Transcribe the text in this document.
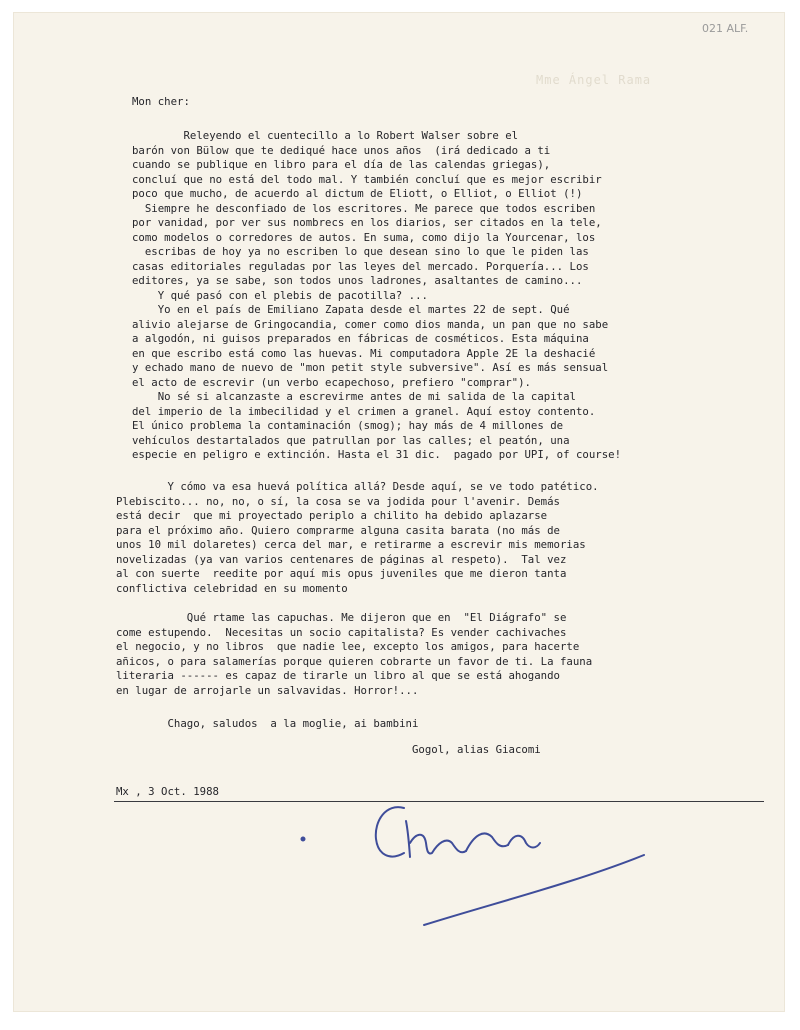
021 ALF.
Mme Ángel Rama
Mon cher:
Releyendo el cuentecillo a lo Robert Walser sobre el
barón von Bülow que te dediqué hace unos años  (irá dedicado a ti
cuando se publique en libro para el día de las calendas griegas),
concluí que no está del todo mal. Y también concluí que es mejor escribir
poco que mucho, de acuerdo al dictum de Eliott, o Elliot, o Elliot (!)
Siempre he desconfiado de los escritores. Me parece que todos escriben
por vanidad, por ver sus nombrecs en los diarios, ser citados en la tele,
como modelos o corredores de autos. En suma, como dijo la Yourcenar, los
escribas de hoy ya no escriben lo que desean sino lo que le piden las
casas editoriales reguladas por las leyes del mercado. Porquería... Los
editores, ya se sabe, son todos unos ladrones, asaltantes de camino...
Y qué pasó con el plebis de pacotilla? ...
Yo en el país de Emiliano Zapata desde el martes 22 de sept. Qué
alivio alejarse de Gringocandia, comer como dios manda, un pan que no sabe
a algodón, ni guisos preparados en fábricas de cosméticos. Esta máquina
en que escribo está como las huevas. Mi computadora Apple 2E la deshacié
y echado mano de nuevo de "mon petit style subversive". Así es más sensual
el acto de escrevir (un verbo ecapechoso, prefiero "comprar").
No sé si alcanzaste a escrevirme antes de mi salida de la capital
del imperio de la imbecilidad y el crimen a granel. Aquí estoy contento.
El único problema la contaminación (smog); hay más de 4 millones de
vehículos destartalados que patrullan por las calles; el peatón, una
especie en peligro e extinción. Hasta el 31 dic.  pagado por UPI, of course!
Y cómo va esa huevá política allá? Desde aquí, se ve todo patético.
Plebiscito... no, no, o sí, la cosa se va jodida pour l'avenir. Demás
está decir  que mi proyectado periplo a chilito ha debido aplazarse
para el próximo año. Quiero comprarme alguna casita barata (no más de
unos 10 mil dolaretes) cerca del mar, e retirarme a escrevir mis memorias
novelizadas (ya van varios centenares de páginas al respeto).  Tal vez
al con suerte  reedite por aquí mis opus juveniles que me dieron tanta
conflictiva celebridad en su momento
Qué rtame las capuchas. Me dijeron que en  "El Diágrafo" se
come estupendo.  Necesitas un socio capitalista? Es vender cachivaches
el negocio, y no libros  que nadie lee, excepto los amigos, para hacerte
añicos, o para salamerías porque quieren cobrarte un favor de ti. La fauna
literaria ------ es capaz de tirarle un libro al que se está ahogando
en lugar de arrojarle un salvavidas. Horror!...
Chago, saludos  a la moglie, ai bambini
Gogol, alias Giacomi
Mx , 3 Oct. 1988
